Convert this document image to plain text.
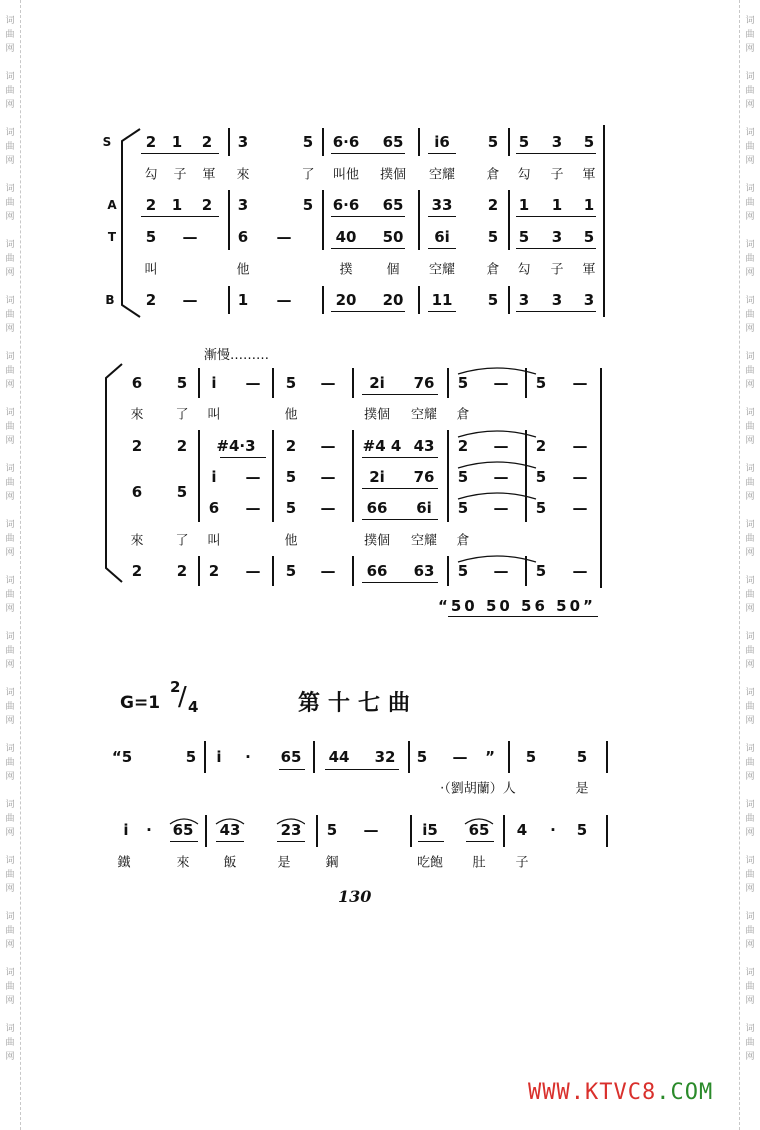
词曲网
词曲网
词曲网
词曲网
词曲网
词曲网
词曲网
词曲网
词曲网
词曲网
词曲网
词曲网
词曲网
词曲网
词曲网
词曲网
词曲网
词曲网
词曲网
词曲网
词曲网
词曲网
词曲网
词曲网
词曲网
词曲网
词曲网
词曲网
词曲网
词曲网
词曲网
词曲网
词曲网
词曲网
词曲网
词曲网
词曲网
词曲网
S 2 1 2 3	5 6·6 65 i6	5 5 3 5
勾 子 軍 來	了 叫他 撲個 空耀 倉 勾 子 軍
A 2 1 2 3	5 6·6 65 33 2 1 1 1
T 5 —	6 —	40 50 6i	5 5 3 5
叫	他	撲	個 空耀 倉 勾 子 軍
B 2 —	1 —	20 20 11 5 3 3 3
漸慢………
6 5 i — 5 — 2i 76 5 — 5 —
來 了 叫	他	撲個 空耀 倉
2 2 #4·3 2 — #4 4 43 2 — 2 —
i — 5 — 2i 76 5 — 5 —
6 5
6 — 5 — 66 6i 5 — 5 —
來 了 叫	他	撲個 空耀 倉
2 2 2 — 5 — 66 63 5 — 5 —
“50 50 56 50”
G=1
2
/ 4	第十七曲
“5	5 i · 65 44 32 5 — ” 5	5
·（劉胡蘭）人	是
i · 65 43	23 5 —	i5 65 4 · 5
鐵	來	飯	是	鋼	吃飽 肚 子
130
WWW.KTVC8.COM
